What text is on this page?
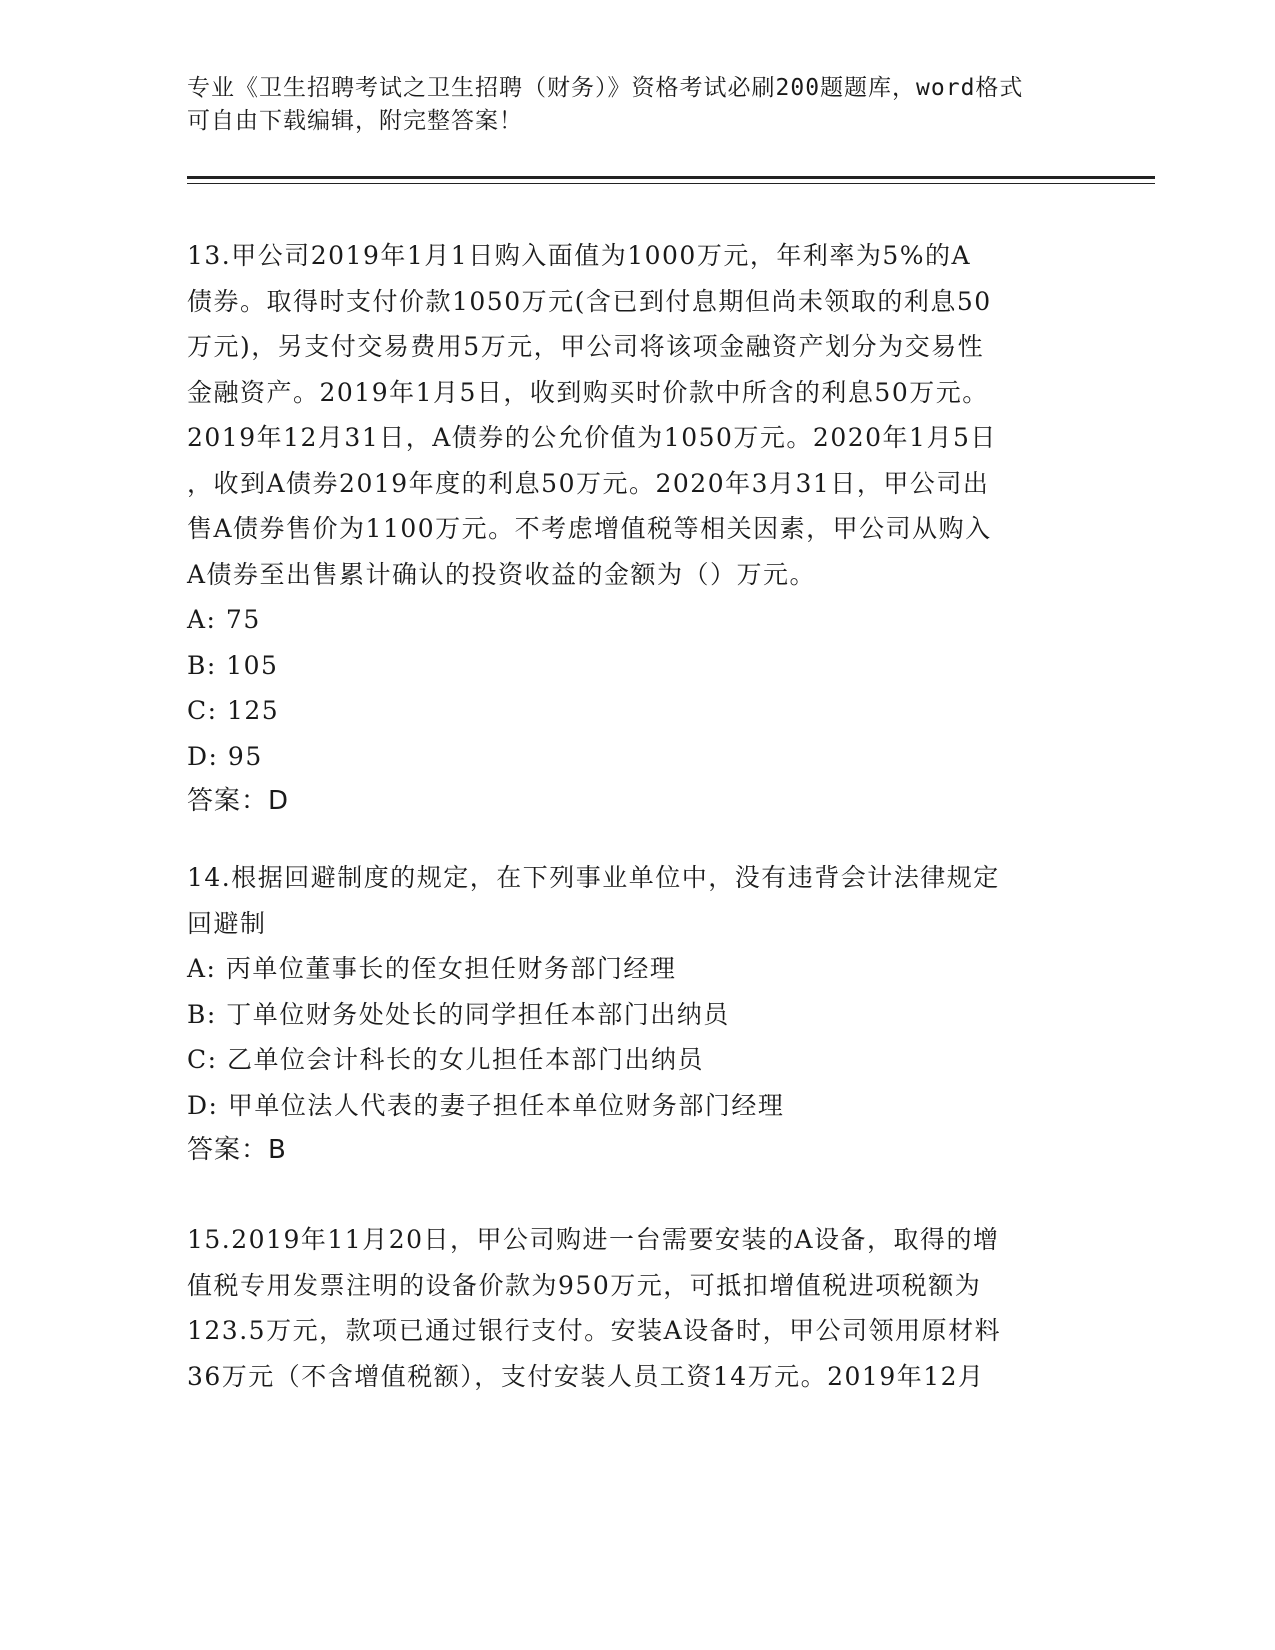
专业《卫生招聘考试之卫生招聘（财务）》资格考试必刷200题题库，word格式
可自由下载编辑，附完整答案！

13.甲公司2019年1月1日购入面值为1000万元，年利率为5%的A

债券。取得时支付价款1050万元(含已到付息期但尚未领取的利息50

万元)，另支付交易费用5万元，甲公司将该项金融资产划分为交易性

金融资产。2019年1月5日，收到购买时价款中所含的利息50万元。

2019年12月31日，A债券的公允价值为1050万元。2020年1月5日

，收到A债券2019年度的利息50万元。2020年3月31日，甲公司出

售A债券售价为1100万元。不考虑增值税等相关因素，甲公司从购入

A债券至出售累计确认的投资收益的金额为（）万元。

A: 75

B: 105

C: 125

D: 95

答案：D

14.根据回避制度的规定，在下列事业单位中，没有违背会计法律规定

回避制

A: 丙单位董事长的侄女担任财务部门经理

B: 丁单位财务处处长的同学担任本部门出纳员

C: 乙单位会计科长的女儿担任本部门出纳员

D: 甲单位法人代表的妻子担任本单位财务部门经理

答案：B

15.2019年11月20日，甲公司购进一台需要安装的A设备，取得的增

值税专用发票注明的设备价款为950万元，可抵扣增值税进项税额为

123.5万元，款项已通过银行支付。安装A设备时，甲公司领用原材料

36万元（不含增值税额），支付安装人员工资14万元。2019年12月
